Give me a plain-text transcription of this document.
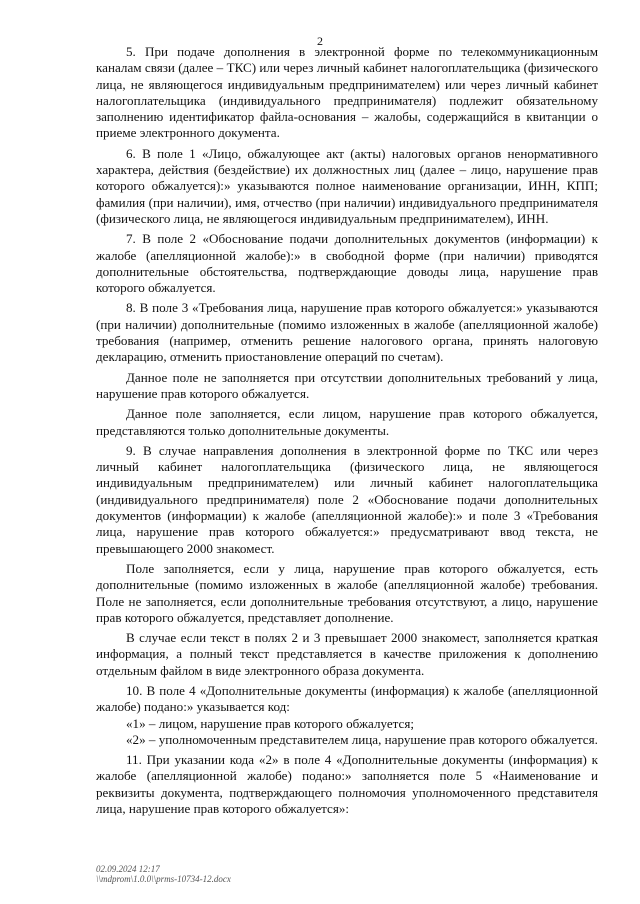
2

5. При подаче дополнения в электронной форме по телекоммуникационным каналам связи (далее – ТКС) или через личный кабинет налогоплательщика (физического лица, не являющегося индивидуальным предпринимателем) или через личный кабинет налогоплательщика (индивидуального предпринимателя) подлежит обязательному заполнению идентификатор файла-основания – жалобы, содержащийся в квитанции о приеме электронного документа.

6. В поле 1 «Лицо, обжалующее акт (акты) налоговых органов ненормативного характера, действия (бездействие) их должностных лиц (далее – лицо, нарушение прав которого обжалуется):» указываются полное наименование организации, ИНН, КПП; фамилия (при наличии), имя, отчество (при наличии) индивидуального предпринимателя (физического лица, не являющегося индивидуальным предпринимателем), ИНН.

7. В поле 2 «Обоснование подачи дополнительных документов (информации) к жалобе (апелляционной жалобе):» в свободной форме (при наличии) приводятся дополнительные обстоятельства, подтверждающие доводы лица, нарушение прав которого обжалуется.

8. В поле 3 «Требования лица, нарушение прав которого обжалуется:» указываются (при наличии) дополнительные (помимо изложенных в жалобе (апелляционной жалобе) требования (например, отменить решение налогового органа, принять налоговую декларацию, отменить приостановление операций по счетам).

Данное поле не заполняется при отсутствии дополнительных требований у лица, нарушение прав которого обжалуется.

Данное поле заполняется, если лицом, нарушение прав которого обжалуется, представляются только дополнительные документы.

9. В случае направления дополнения в электронной форме по ТКС или через личный кабинет налогоплательщика (физического лица, не являющегося индивидуальным предпринимателем) или личный кабинет налогоплательщика (индивидуального предпринимателя) поле 2 «Обоснование подачи дополнительных документов (информации) к жалобе (апелляционной жалобе):» и поле 3 «Требования лица, нарушение прав которого обжалуется:» предусматривают ввод текста, не превышающего 2000 знакомест.

Поле заполняется, если у лица, нарушение прав которого обжалуется, есть дополнительные (помимо изложенных в жалобе (апелляционной жалобе) требования. Поле не заполняется, если дополнительные требования отсутствуют, а лицо, нарушение прав которого обжалуется, представляет дополнение.

В случае если текст в полях 2 и 3 превышает 2000 знакомест, заполняется краткая информация, а полный текст представляется в качестве приложения к дополнению отдельным файлом в виде электронного образа документа.

10. В поле 4 «Дополнительные документы (информация) к жалобе (апелляционной жалобе) подано:» указывается код:

«1» – лицом, нарушение прав которого обжалуется;

«2» – уполномоченным представителем лица, нарушение прав которого обжалуется.

11. При указании кода «2» в поле 4 «Дополнительные документы (информация) к жалобе (апелляционной жалобе) подано:» заполняется поле 5 «Наименование и реквизиты документа, подтверждающего полномочия уполномоченного представителя лица, нарушение прав которого обжалуется»:

02.09.2024 12:17
\\mdprom\1.0.0\\prms-10734-12.docx
